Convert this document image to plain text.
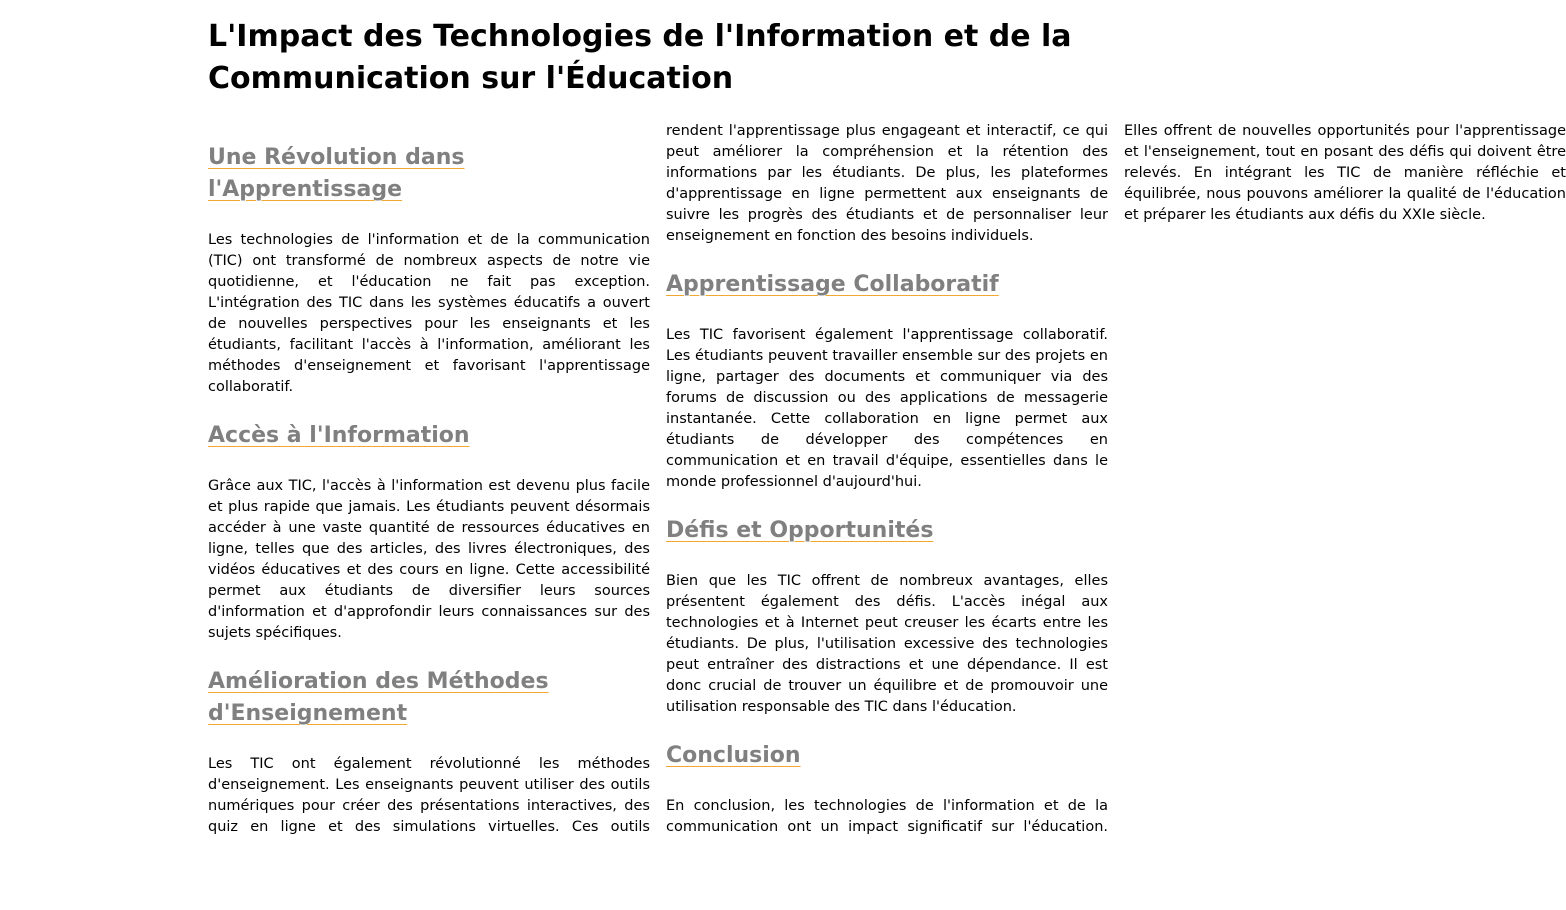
L'Impact des Technologies de l'Information et de la Communication sur l'Éducation
Une Révolution dans l'Apprentissage

Les technologies de l'information et de la communication (TIC) ont transformé de nombreux aspects de notre vie quotidienne, et l'éducation ne fait pas exception. L'intégration des TIC dans les systèmes éducatifs a ouvert de nouvelles perspectives pour les enseignants et les étudiants, facilitant l'accès à l'information, améliorant les méthodes d'enseignement et favorisant l'apprentissage collaboratif.

Accès à l'Information

Grâce aux TIC, l'accès à l'information est devenu plus facile et plus rapide que jamais. Les étudiants peuvent désormais accéder à une vaste quantité de ressources éducatives en ligne, telles que des articles, des livres électroniques, des vidéos éducatives et des cours en ligne. Cette accessibilité permet aux étudiants de diversifier leurs sources d'information et d'approfondir leurs connaissances sur des sujets spécifiques.

Amélioration des Méthodes d'Enseignement

Les TIC ont également révolutionné les méthodes d'enseignement. Les enseignants peuvent utiliser des outils numériques pour créer des présentations interactives, des quiz en ligne et des simulations virtuelles. Ces outils rendent l'apprentissage plus engageant et interactif, ce qui peut améliorer la compréhension et la rétention des informations par les étudiants. De plus, les plateformes d'apprentissage en ligne permettent aux enseignants de suivre les progrès des étudiants et de personnaliser leur enseignement en fonction des besoins individuels.

Apprentissage Collaboratif

Les TIC favorisent également l'apprentissage collaboratif. Les étudiants peuvent travailler ensemble sur des projets en ligne, partager des documents et communiquer via des forums de discussion ou des applications de messagerie instantanée. Cette collaboration en ligne permet aux étudiants de développer des compétences en communication et en travail d'équipe, essentielles dans le monde professionnel d'aujourd'hui.

Défis et Opportunités

Bien que les TIC offrent de nombreux avantages, elles présentent également des défis. L'accès inégal aux technologies et à Internet peut creuser les écarts entre les étudiants. De plus, l'utilisation excessive des technologies peut entraîner des distractions et une dépendance. Il est donc crucial de trouver un équilibre et de promouvoir une utilisation responsable des TIC dans l'éducation.

Conclusion

En conclusion, les technologies de l'information et de la communication ont un impact significatif sur l'éducation. Elles offrent de nouvelles opportunités pour l'apprentissage et l'enseignement, tout en posant des défis qui doivent être relevés. En intégrant les TIC de manière réfléchie et équilibrée, nous pouvons améliorer la qualité de l'éducation et préparer les étudiants aux défis du XXIe siècle.
